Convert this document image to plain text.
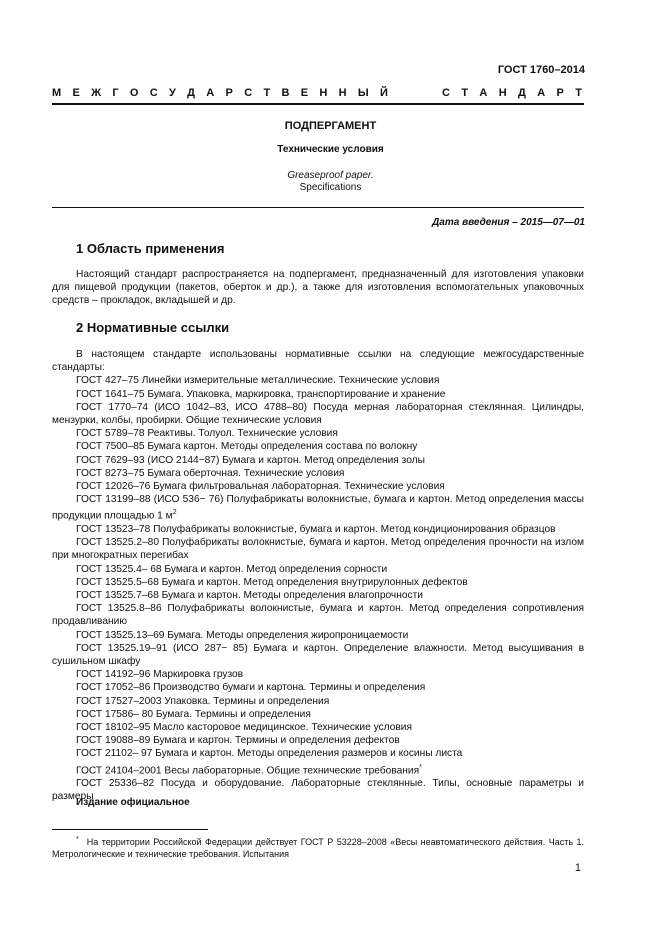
ГОСТ 1760–2014
М Е Ж Г О С У Д А Р С Т В Е Н Н Ы Й	С Т А Н Д А Р Т
ПОДПЕРГАМЕНТ
Технические условия
Greaseproof paper.
Specifications
Дата введения – 2015—07—01
1 Область применения

Настоящий стандарт распространяется на подпергамент, предназначенный для изготовления упаковки для пищевой продукции (пакетов, оберток и др.), а также для изготовления вспомогательных упаковочных средств – прокладок, вкладышей и др.

2 Нормативные ссылки

В настоящем стандарте использованы нормативные ссылки на следующие межгосударственные стандарты:

ГОСТ 427–75 Линейки измерительные металлические. Технические условия

ГОСТ 1641–75 Бумага. Упаковка, маркировка, транспортирование и хранение

ГОСТ 1770–74 (ИСО 1042–83, ИСО 4788–80) Посуда мерная лабораторная стеклянная. Цилиндры, мензурки, колбы, пробирки. Общие технические условия

ГОСТ 5789–78 Реактивы. Толуол. Технические условия

ГОСТ 7500–85 Бумага картон. Методы определения состава по волокну

ГОСТ 7629–93 (ИСО 2144−87) Бумага и картон. Метод определения золы

ГОСТ 8273–75 Бумага оберточная. Технические условия

ГОСТ 12026–76 Бумага фильтровальная лабораторная. Технические условия

ГОСТ 13199–88 (ИСО 536− 76) Полуфабрикаты волокнистые, бумага и картон. Метод определения массы продукции площадью 1 $м^2$

ГОСТ 13523–78 Полуфабрикаты волокнистые, бумага и картон. Метод кондиционирования образцов

ГОСТ 13525.2–80 Полуфабрикаты волокнистые, бумага и картон. Метод определения прочности на излом при многократных перегибах

ГОСТ 13525.4– 68 Бумага и картон. Метод определения сорности

ГОСТ 13525.5–68 Бумага и картон. Метод определения внутрирулонных дефектов

ГОСТ 13525.7–68 Бумага и картон. Методы определения влагопрочности

ГОСТ 13525.8–86 Полуфабрикаты волокнистые, бумага и картон. Метод определения сопротивления продавливанию

ГОСТ 13525.13–69 Бумага. Методы определения жиропроницаемости

ГОСТ 13525.19–91 (ИСО 287− 85) Бумага и картон. Определение влажности. Метод высушивания в сушильном шкафу

ГОСТ 14192–96 Маркировка грузов

ГОСТ 17052–86 Производство бумаги и картона. Термины и определения

ГОСТ 17527–2003 Упаковка. Термины и определения

ГОСТ 17586– 80 Бумага. Термины и определения

ГОСТ 18102–95 Масло касторовое медицинское. Технические условия

ГОСТ 19088–89 Бумага и картон. Термины и определения дефектов

ГОСТ 21102– 97 Бумага и картон. Методы определения размеров и косины листа

ГОСТ 24104–2001 Весы лабораторные. Общие технические требования*

ГОСТ 25336–82 Посуда и оборудование. Лабораторные стеклянные. Типы, основные параметры и размеры

Издание официальное
* На территории Российской Федерации действует ГОСТ Р 53228–2008 «Весы неавтоматического действия. Часть 1. Метрологические и технические требования. Испытания
1
